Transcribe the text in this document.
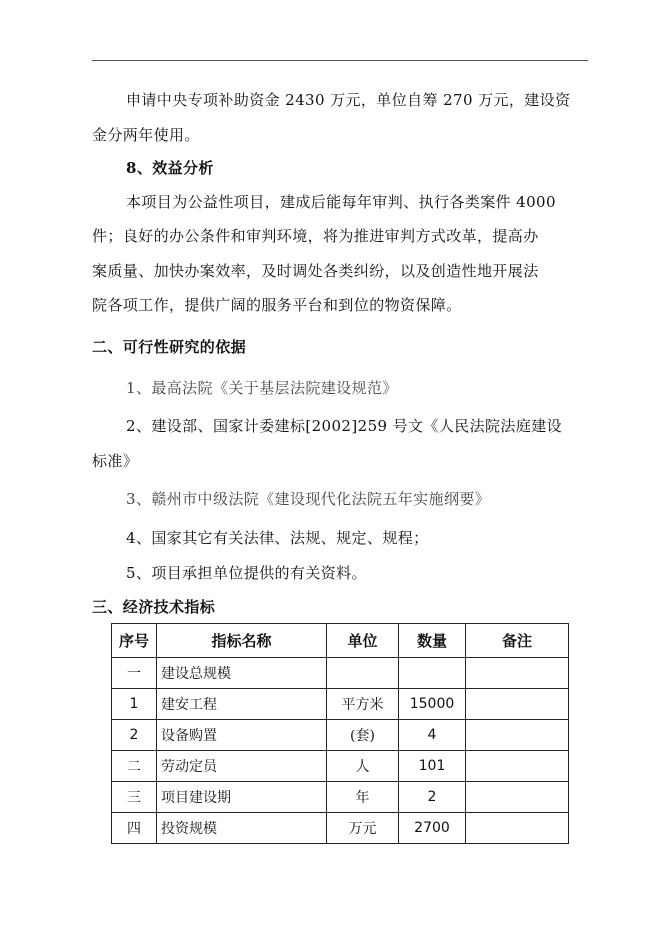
申请中央专项补助资金 2430 万元，单位自筹 270 万元，建设资
金分两年使用。
8、效益分析
本项目为公益性项目，建成后能每年审判、执行各类案件 4000
件；良好的办公条件和审判环境，将为推进审判方式改革，提高办
案质量、加快办案效率，及时调处各类纠纷，以及创造性地开展法
院各项工作，提供广阔的服务平台和到位的物资保障。
二、可行性研究的依据
1、最高法院《关于基层法院建设规范》
2、建设部、国家计委建标[2002]259 号文《人民法院法庭建设
标准》
3、赣州市中级法院《建设现代化法院五年实施纲要》
4、国家其它有关法律、法规、规定、规程；
5、项目承担单位提供的有关资料。
三、经济技术指标
序号	指标名称	单位	数量	备注
一	建设总规模			
1	建安工程	平方米	15000	
2	设备购置	(套)	4	
二	劳动定员	人	101	
三	项目建设期	年	2	
四	投资规模	万元	2700	
